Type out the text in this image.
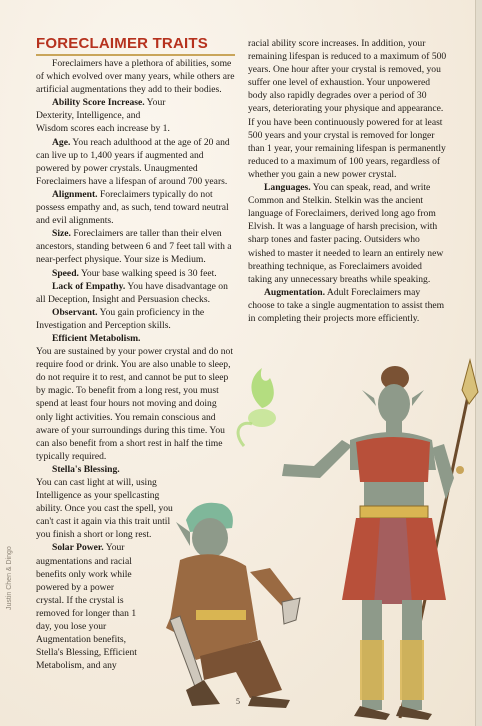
FORECLAIMER TRAITS

Foreclaimers have a plethora of abilities, some of which evolved over many years, while others are artificial augmentations they add to their bodies.

Ability Score Increase. Your Dexterity, Intelligence, and Wisdom scores each increase by 1.

Age. You reach adulthood at the age of 20 and can live up to 1,400 years if augmented and powered by power crystals. Unaugmented Foreclaimers have a lifespan of around 700 years.

Alignment. Foreclaimers typically do not possess empathy and, as such, tend toward neutral and evil alignments.

Size. Foreclaimers are taller than their elven ancestors, standing between 6 and 7 feet tall with a near-perfect physique. Your size is Medium.

Speed. Your base walking speed is 30 feet.

Lack of Empathy. You have disadvantage on all Deception, Insight and Persuasion checks.

Observant. You gain proficiency in the Investigation and Perception skills.

Efficient Metabolism.

You are sustained by your power crystal and do not require food or drink. You are also unable to sleep, do not require it to rest, and cannot be put to sleep by magic. To benefit from a long rest, you must spend at least four hours not moving and doing only light activities. You remain conscious and aware of your surroundings during this time. You can also benefit from a short rest in half the time typically required.

Stella's Blessing.

You can cast light at will, using Intelligence as your spellcasting ability. Once you cast the spell, you can't cast it again via this trait until you finish a short or long rest.

Solar Power. Your augmentations and racial benefits only work while powered by a power crystal. If the crystal is removed for longer than 1 day, you lose your Augmentation benefits, Stella's Blessing, Efficient Metabolism, and any

racial ability score increases. In addition, your remaining lifespan is reduced to a maximum of 500 years. One hour after your crystal is removed, you suffer one level of exhaustion. Your unpowered body also rapidly degrades over a period of 30 years, deteriorating your physique and appearance. If you have been continuously powered for at least 500 years and your crystal is removed for longer than 1 year, your remaining lifespan is permanently reduced to a maximum of 100 years, regardless of whether you gain a new power crystal.

Languages. You can speak, read, and write Common and Stelkin. Stelkin was the ancient language of Foreclaimers, derived long ago from Elvish. It was a language of harsh precision, with sharp tones and faster pacing. Outsiders who wished to master it needed to learn an entirely new breathing technique, as Foreclaimers avoided taking any unnecessary breaths while speaking.

Augmentation. Adult Foreclaimers may choose to take a single augmentation to assist them in completing their projects more efficiently.

Justin Chen & Dingo
5
